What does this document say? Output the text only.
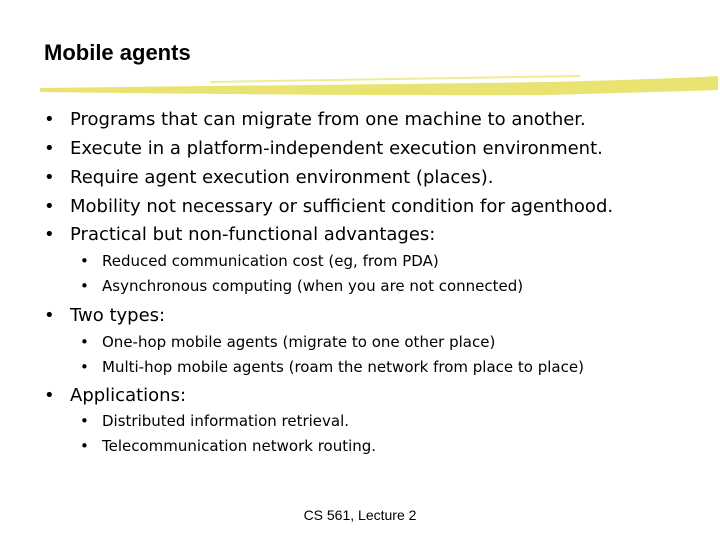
Mobile agents
• Programs that can migrate from one machine to another.
• Execute in a platform-independent execution environment.
• Require agent execution environment (places).
• Mobility not necessary or sufficient condition for agenthood.
• Practical but non-functional advantages:
• Reduced communication cost (eg, from PDA)
• Asynchronous computing (when you are not connected)
• Two types:
• One-hop mobile agents (migrate to one other place)
• Multi-hop mobile agents (roam the network from place to place)
• Applications:
• Distributed information retrieval.
• Telecommunication network routing.
CS 561, Lecture 2
